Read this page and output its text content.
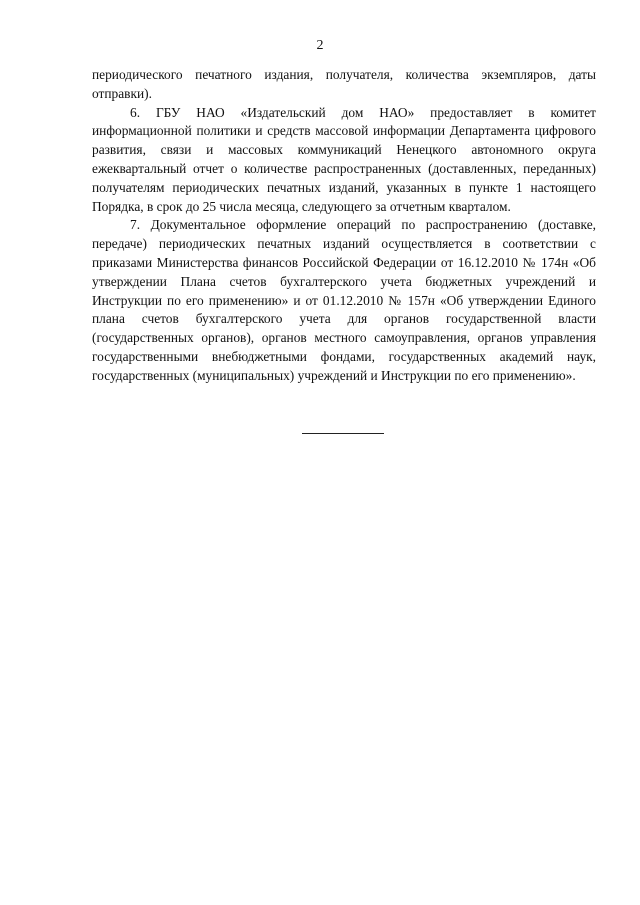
2

периодического печатного издания, получателя, количества экземпляров, даты отправки).

6. ГБУ НАО «Издательский дом НАО» предоставляет в комитет информационной политики и средств массовой информации Департамента цифрового развития, связи и массовых коммуникаций Ненецкого автономного округа ежеквартальный отчет о количестве распространенных (доставленных, переданных) получателям периодических печатных изданий, указанных в пункте 1 настоящего Порядка, в срок до 25 числа месяца, следующего за отчетным кварталом.

7. Документальное оформление операций по распространению (доставке, передаче) периодических печатных изданий осуществляется в соответствии с приказами Министерства финансов Российской Федерации от 16.12.2010 № 174н «Об утверждении Плана счетов бухгалтерского учета бюджетных учреждений и Инструкции по его применению» и от 01.12.2010 № 157н «Об утверждении Единого плана счетов бухгалтерского учета для органов государственной власти (государственных органов), органов местного самоуправления, органов управления государственными внебюджетными фондами, государственных академий наук, государственных (муниципальных) учреждений и Инструкции по его применению».
